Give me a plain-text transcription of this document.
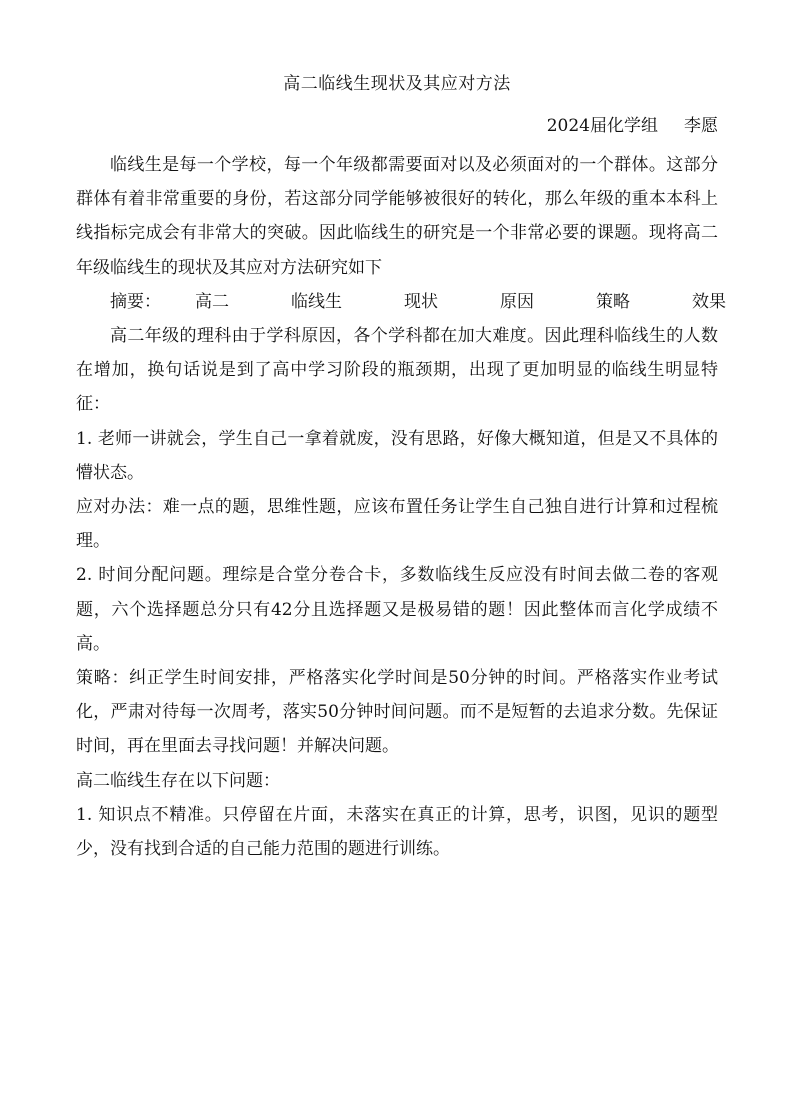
高二临线生现状及其应对方法
2024届化学组 李愿

临线生是每一个学校，每一个年级都需要面对以及必须面对的一个群体。这部分群体有着非常重要的身份，若这部分同学能够被很好的转化，那么年级的重本本科上线指标完成会有非常大的突破。因此临线生的研究是一个非常必要的课题。现将高二年级临线生的现状及其应对方法研究如下

摘要： 高二	临线生	现状	原因	策略	效果

高二年级的理科由于学科原因，各个学科都在加大难度。因此理科临线生的人数在增加，换句话说是到了高中学习阶段的瓶颈期，出现了更加明显的临线生明显特征：

1. 老师一讲就会，学生自己一拿着就废，没有思路，好像大概知道，但是又不具体的懵状态。

应对办法：难一点的题，思维性题，应该布置任务让学生自己独自进行计算和过程梳理。

2. 时间分配问题。理综是合堂分卷合卡，多数临线生反应没有时间去做二卷的客观题，六个选择题总分只有42分且选择题又是极易错的题！因此整体而言化学成绩不高。

策略：纠正学生时间安排，严格落实化学时间是50分钟的时间。严格落实作业考试化，严肃对待每一次周考，落实50分钟时间问题。而不是短暂的去追求分数。先保证时间，再在里面去寻找问题！并解决问题。

高二临线生存在以下问题：

1. 知识点不精准。只停留在片面，未落实在真正的计算，思考，识图，见识的题型少，没有找到合适的自己能力范围的题进行训练。
